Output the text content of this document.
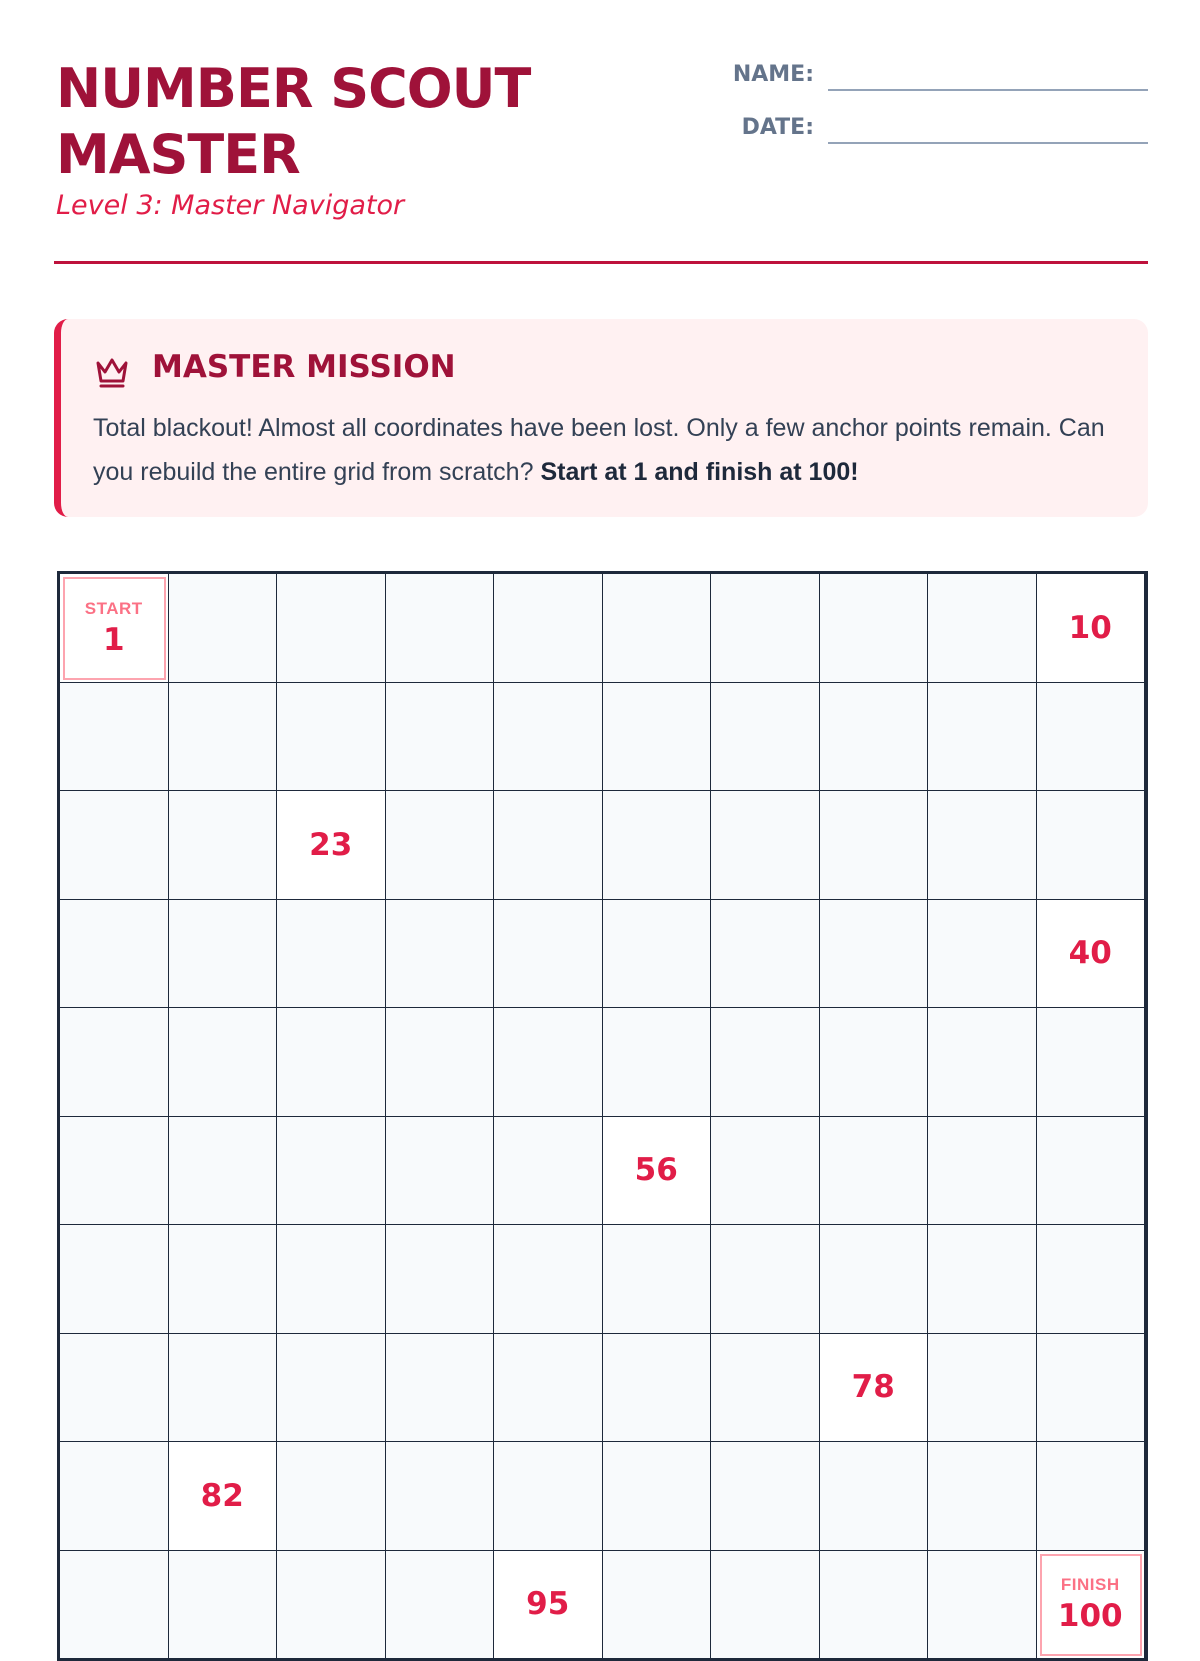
NUMBER SCOUT
MASTER
Level 3: Master Navigator
NAME:
DATE:
MASTER MISSION
Total blackout! Almost all coordinates have been lost. Only a few anchor points remain. Can you rebuild the entire grid from scratch? Start at 1 and finish at 100!
START
1	10
23
40
56
78
82
95
FINISH
100
